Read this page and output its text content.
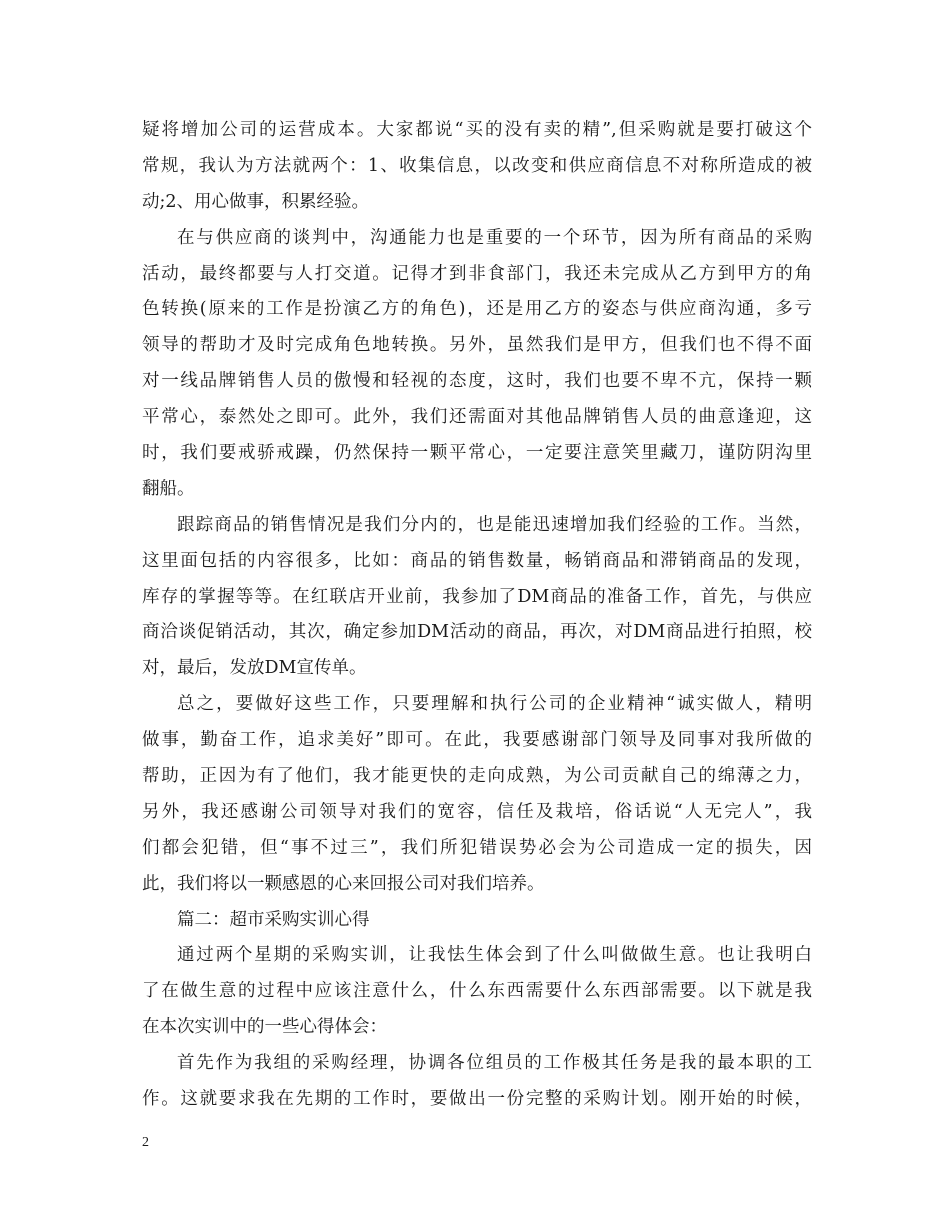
疑将增加公司的运营成本。大家都说“买的没有卖的精”,但采购就是要打破这个
常规，我认为方法就两个：1、收集信息，以改变和供应商信息不对称所造成的被
动;2、用心做事，积累经验。
在与供应商的谈判中，沟通能力也是重要的一个环节，因为所有商品的采购
活动，最终都要与人打交道。记得才到非食部门，我还未完成从乙方到甲方的角
色转换(原来的工作是扮演乙方的角色)，还是用乙方的姿态与供应商沟通，多亏
领导的帮助才及时完成角色地转换。另外，虽然我们是甲方，但我们也不得不面
对一线品牌销售人员的傲慢和轻视的态度，这时，我们也要不卑不亢，保持一颗
平常心，泰然处之即可。此外，我们还需面对其他品牌销售人员的曲意逢迎，这
时，我们要戒骄戒躁，仍然保持一颗平常心，一定要注意笑里藏刀，谨防阴沟里
翻船。
跟踪商品的销售情况是我们分内的，也是能迅速增加我们经验的工作。当然，
这里面包括的内容很多，比如：商品的销售数量，畅销商品和滞销商品的发现，
库存的掌握等等。在红联店开业前，我参加了DM商品的准备工作，首先，与供应
商洽谈促销活动，其次，确定参加DM活动的商品，再次，对DM商品进行拍照，校
对，最后，发放DM宣传单。
总之，要做好这些工作，只要理解和执行公司的企业精神“诚实做人，精明
做事，勤奋工作，追求美好”即可。在此，我要感谢部门领导及同事对我所做的
帮助，正因为有了他们，我才能更快的走向成熟，为公司贡献自己的绵薄之力，
另外，我还感谢公司领导对我们的宽容，信任及栽培，俗话说“人无完人”，我
们都会犯错，但“事不过三”，我们所犯错误势必会为公司造成一定的损失，因
此，我们将以一颗感恩的心来回报公司对我们培养。
篇二：超市采购实训心得
通过两个星期的采购实训，让我怯生体会到了什么叫做做生意。也让我明白
了在做生意的过程中应该注意什么，什么东西需要什么东西部需要。以下就是我
在本次实训中的一些心得体会：
首先作为我组的采购经理，协调各位组员的工作极其任务是我的最本职的工
作。这就要求我在先期的工作时，要做出一份完整的采购计划。刚开始的时候，
2
